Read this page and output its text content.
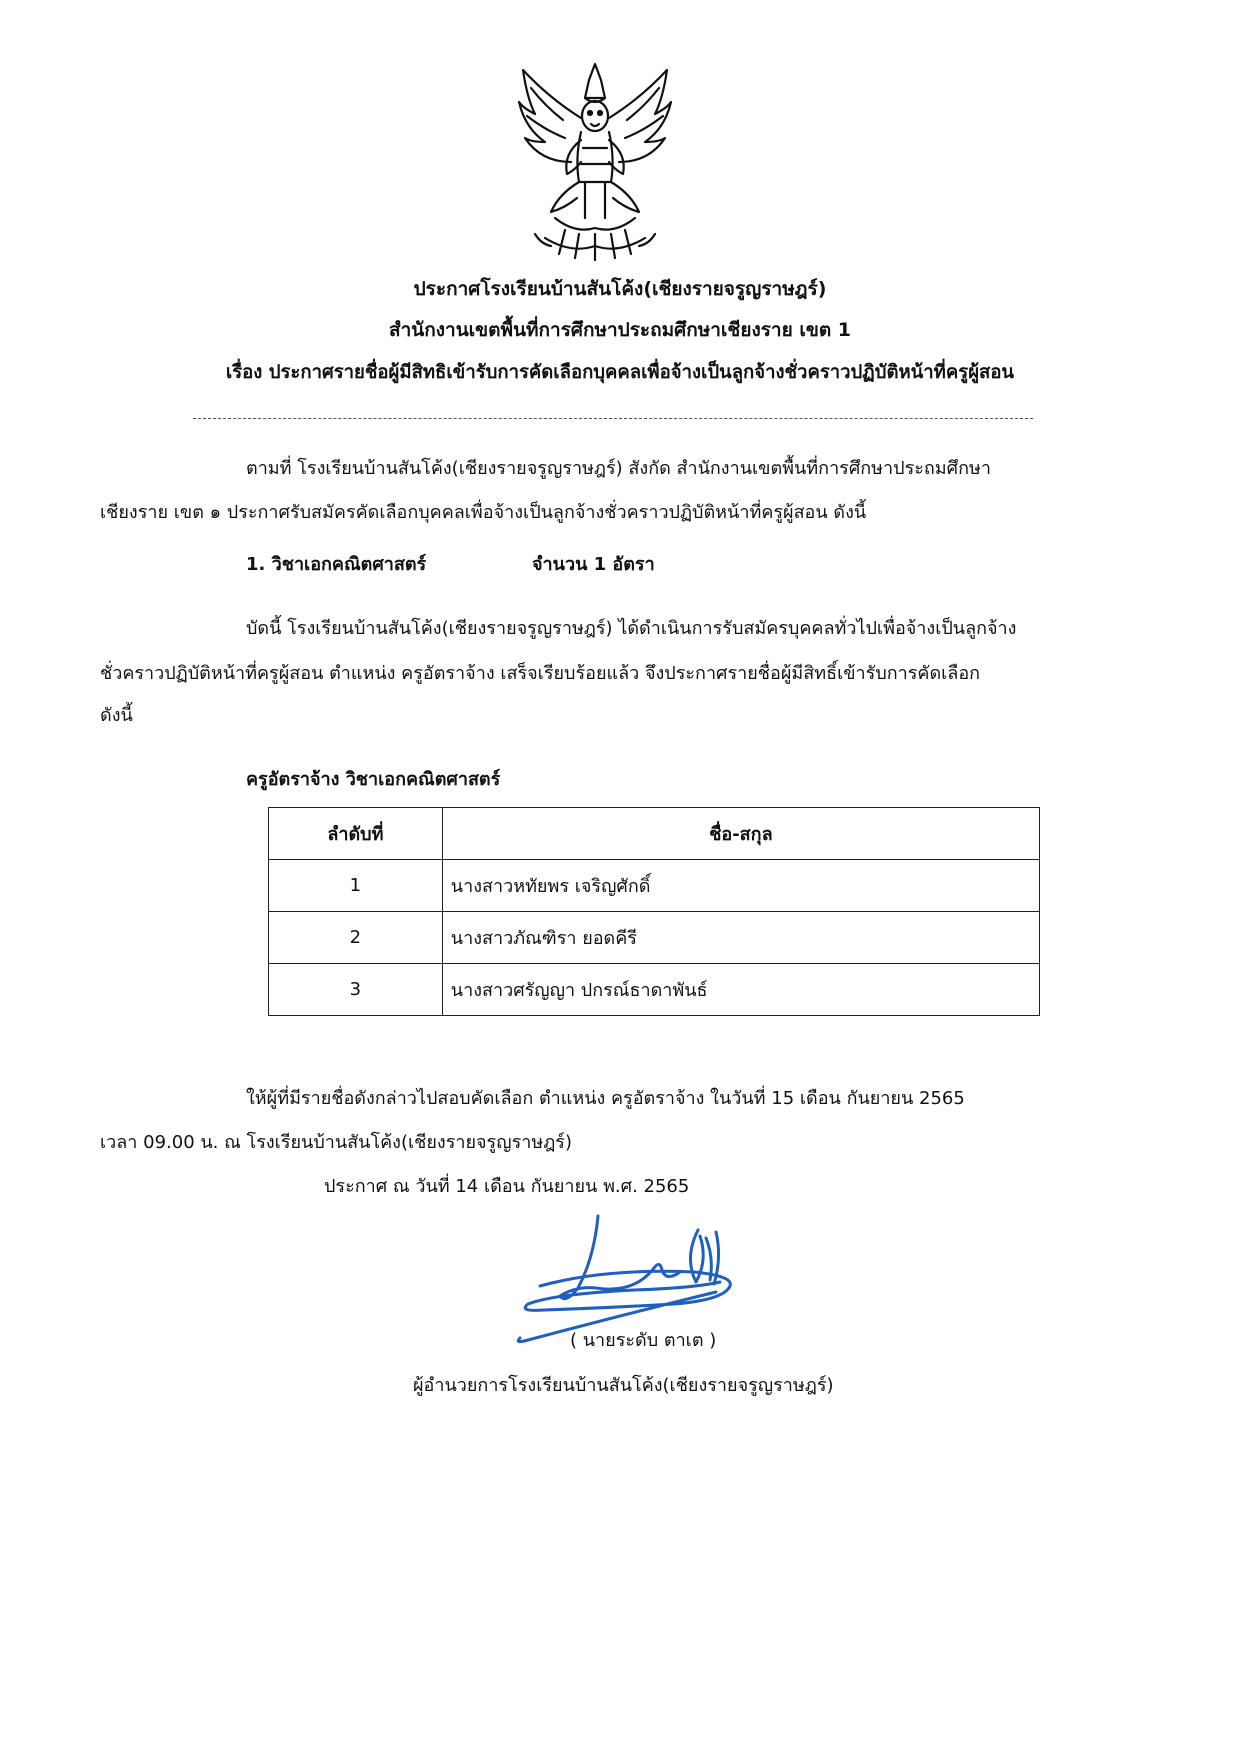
ประกาศโรงเรียนบ้านสันโค้ง(เชียงรายจรูญราษฎร์)
สำนักงานเขตพื้นที่การศึกษาประถมศึกษาเชียงราย เขต 1
เรื่อง ประกาศรายชื่อผู้มีสิทธิเข้ารับการคัดเลือกบุคคลเพื่อจ้างเป็นลูกจ้างชั่วคราวปฏิบัติหน้าที่ครูผู้สอน
ตามที่ โรงเรียนบ้านสันโค้ง(เชียงรายจรูญราษฎร์) สังกัด สำนักงานเขตพื้นที่การศึกษาประถมศึกษา
เชียงราย เขต ๑ ประกาศรับสมัครคัดเลือกบุคคลเพื่อจ้างเป็นลูกจ้างชั่วคราวปฏิบัติหน้าที่ครูผู้สอน ดังนี้
1. วิชาเอกคณิตศาสตร์	จำนวน 1 อัตรา
บัดนี้ โรงเรียนบ้านสันโค้ง(เชียงรายจรูญราษฎร์) ได้ดำเนินการรับสมัครบุคคลทั่วไปเพื่อจ้างเป็นลูกจ้าง
ชั่วคราวปฏิบัติหน้าที่ครูผู้สอน ตำแหน่ง ครูอัตราจ้าง เสร็จเรียบร้อยแล้ว จึงประกาศรายชื่อผู้มีสิทธิ์เข้ารับการคัดเลือก
ดังนี้
ครูอัตราจ้าง วิชาเอกคณิตศาสตร์
ลำดับที่	ชื่อ-สกุล
1	นางสาวหทัยพร เจริญศักดิ์
2	นางสาวภัณฑิรา ยอดคีรี
3	นางสาวศรัญญา ปกรณ์ธาดาพันธ์
ให้ผู้ที่มีรายชื่อดังกล่าวไปสอบคัดเลือก ตำแหน่ง ครูอัตราจ้าง ในวันที่ 15 เดือน กันยายน 2565
เวลา 09.00 น. ณ โรงเรียนบ้านสันโค้ง(เชียงรายจรูญราษฎร์)
ประกาศ ณ วันที่ 14 เดือน กันยายน พ.ศ. 2565
( นายระดับ ตาเต )
ผู้อำนวยการโรงเรียนบ้านสันโค้ง(เชียงรายจรูญราษฎร์)
